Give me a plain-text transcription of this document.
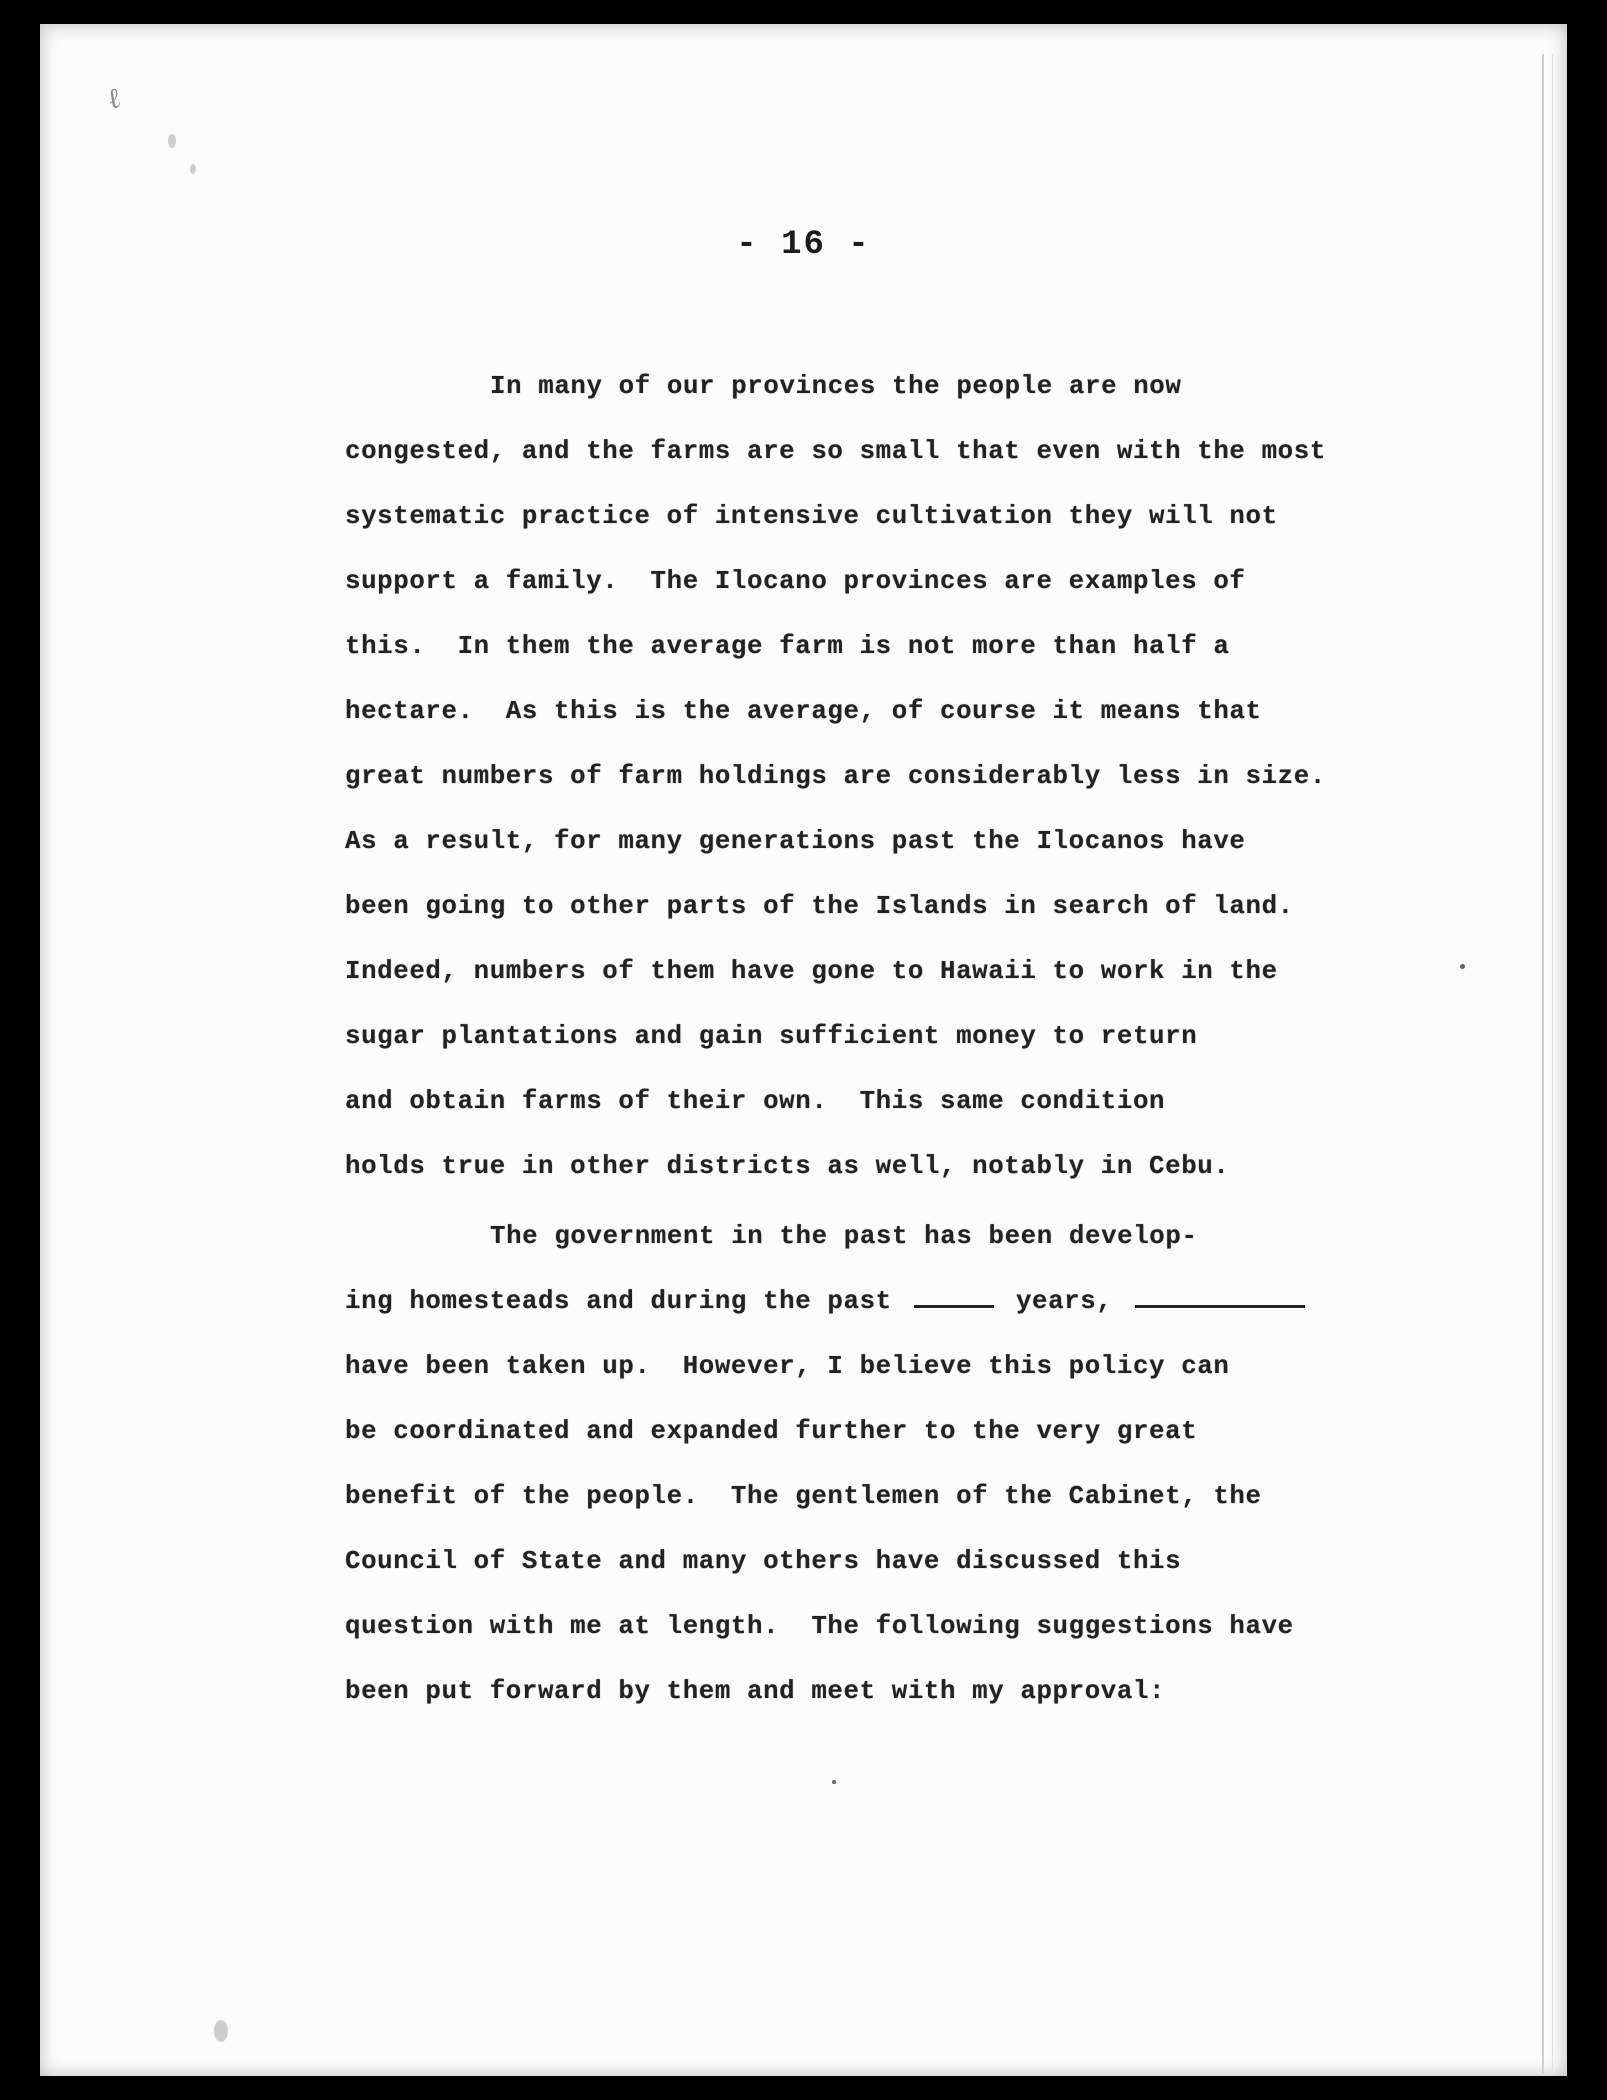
ℓ
- 16 -
In many of our provinces the people are now
congested, and the farms are so small that even with the most
systematic practice of intensive cultivation they will not
support a family.  The Ilocano provinces are examples of
this.  In them the average farm is not more than half a
hectare.  As this is the average, of course it means that
great numbers of farm holdings are considerably less in size.
As a result, for many generations past the Ilocanos have
been going to other parts of the Islands in search of land.
Indeed, numbers of them have gone to Hawaii to work in the
sugar plantations and gain sufficient money to return
and obtain farms of their own.  This same condition
holds true in other districts as well, notably in Cebu.
The government in the past has been develop-
ing homesteads and during the past	years,
have been taken up.  However, I believe this policy can
be coordinated and expanded further to the very great
benefit of the people.  The gentlemen of the Cabinet, the
Council of State and many others have discussed this
question with me at length.  The following suggestions have
been put forward by them and meet with my approval:
